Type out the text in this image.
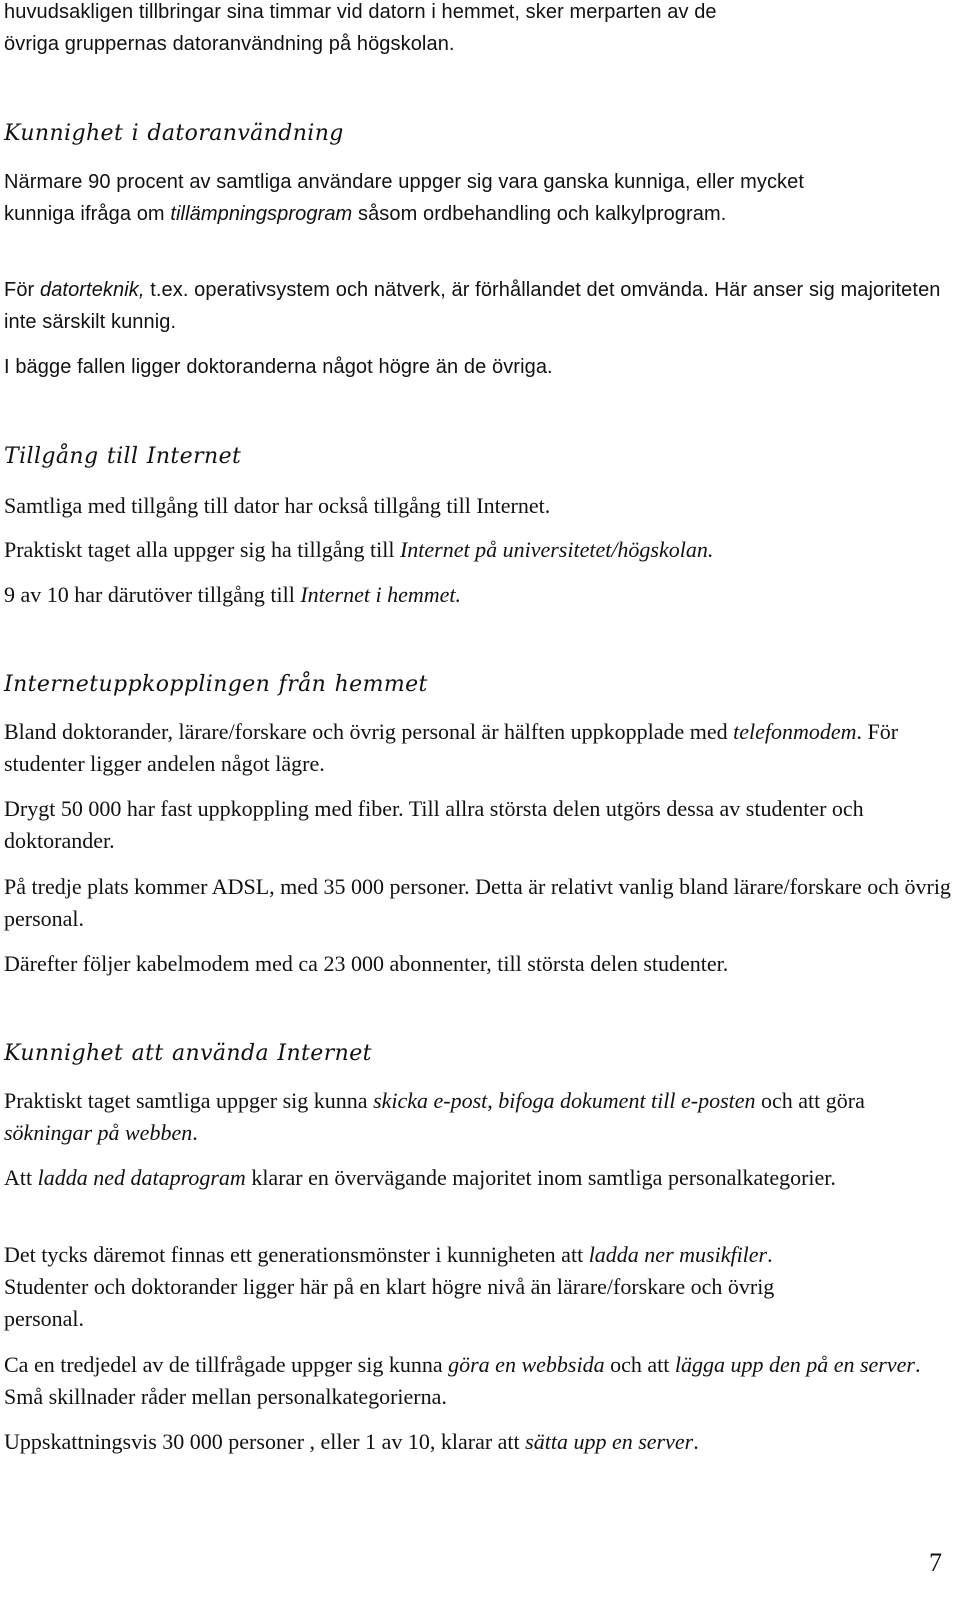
huvudsakligen tillbringar sina timmar vid datorn i hemmet, sker merparten av de
övriga gruppernas datoranvändning på högskolan.

Kunnighet i datoranvändning

Närmare 90 procent av samtliga användare uppger sig vara ganska kunniga, eller mycket kunniga ifråga om tillämpningsprogram såsom ordbehandling och kalkylprogram.

För datorteknik, t.ex. operativsystem och nätverk, är förhållandet det omvända. Här anser sig majoriteten inte särskilt kunnig.

I bägge fallen ligger doktoranderna något högre än de övriga.

Tillgång till Internet

Samtliga med tillgång till dator har också tillgång till Internet.

Praktiskt taget alla uppger sig ha tillgång till Internet på universitetet/högskolan.

9 av 10 har därutöver tillgång till Internet i hemmet.

Internetuppkopplingen från hemmet

Bland doktorander, lärare/forskare och övrig personal är hälften uppkopplade med telefonmodem. För studenter ligger andelen något lägre.

Drygt 50 000 har fast uppkoppling med fiber. Till allra största delen utgörs dessa av studenter och doktorander.

På tredje plats kommer ADSL, med 35 000 personer. Detta är relativt vanlig bland lärare/forskare och övrig personal.

Därefter följer kabelmodem med ca 23 000 abonnenter, till största delen studenter.

Kunnighet att använda Internet

Praktiskt taget samtliga uppger sig kunna skicka e-post, bifoga dokument till e-posten och att göra sökningar på webben.

Att ladda ned dataprogram klarar en övervägande majoritet inom samtliga personalkategorier.

Det tycks däremot finnas ett generationsmönster i kunnigheten att ladda ner musikfiler. Studenter och doktorander ligger här på en klart högre nivå än lärare/forskare och övrig personal.

Ca en tredjedel av de tillfrågade uppger sig kunna göra en webbsida och att lägga upp den på en server. Små skillnader råder mellan personalkategorierna.

Uppskattningsvis 30 000 personer , eller 1 av 10, klarar att sätta upp en server.

7
